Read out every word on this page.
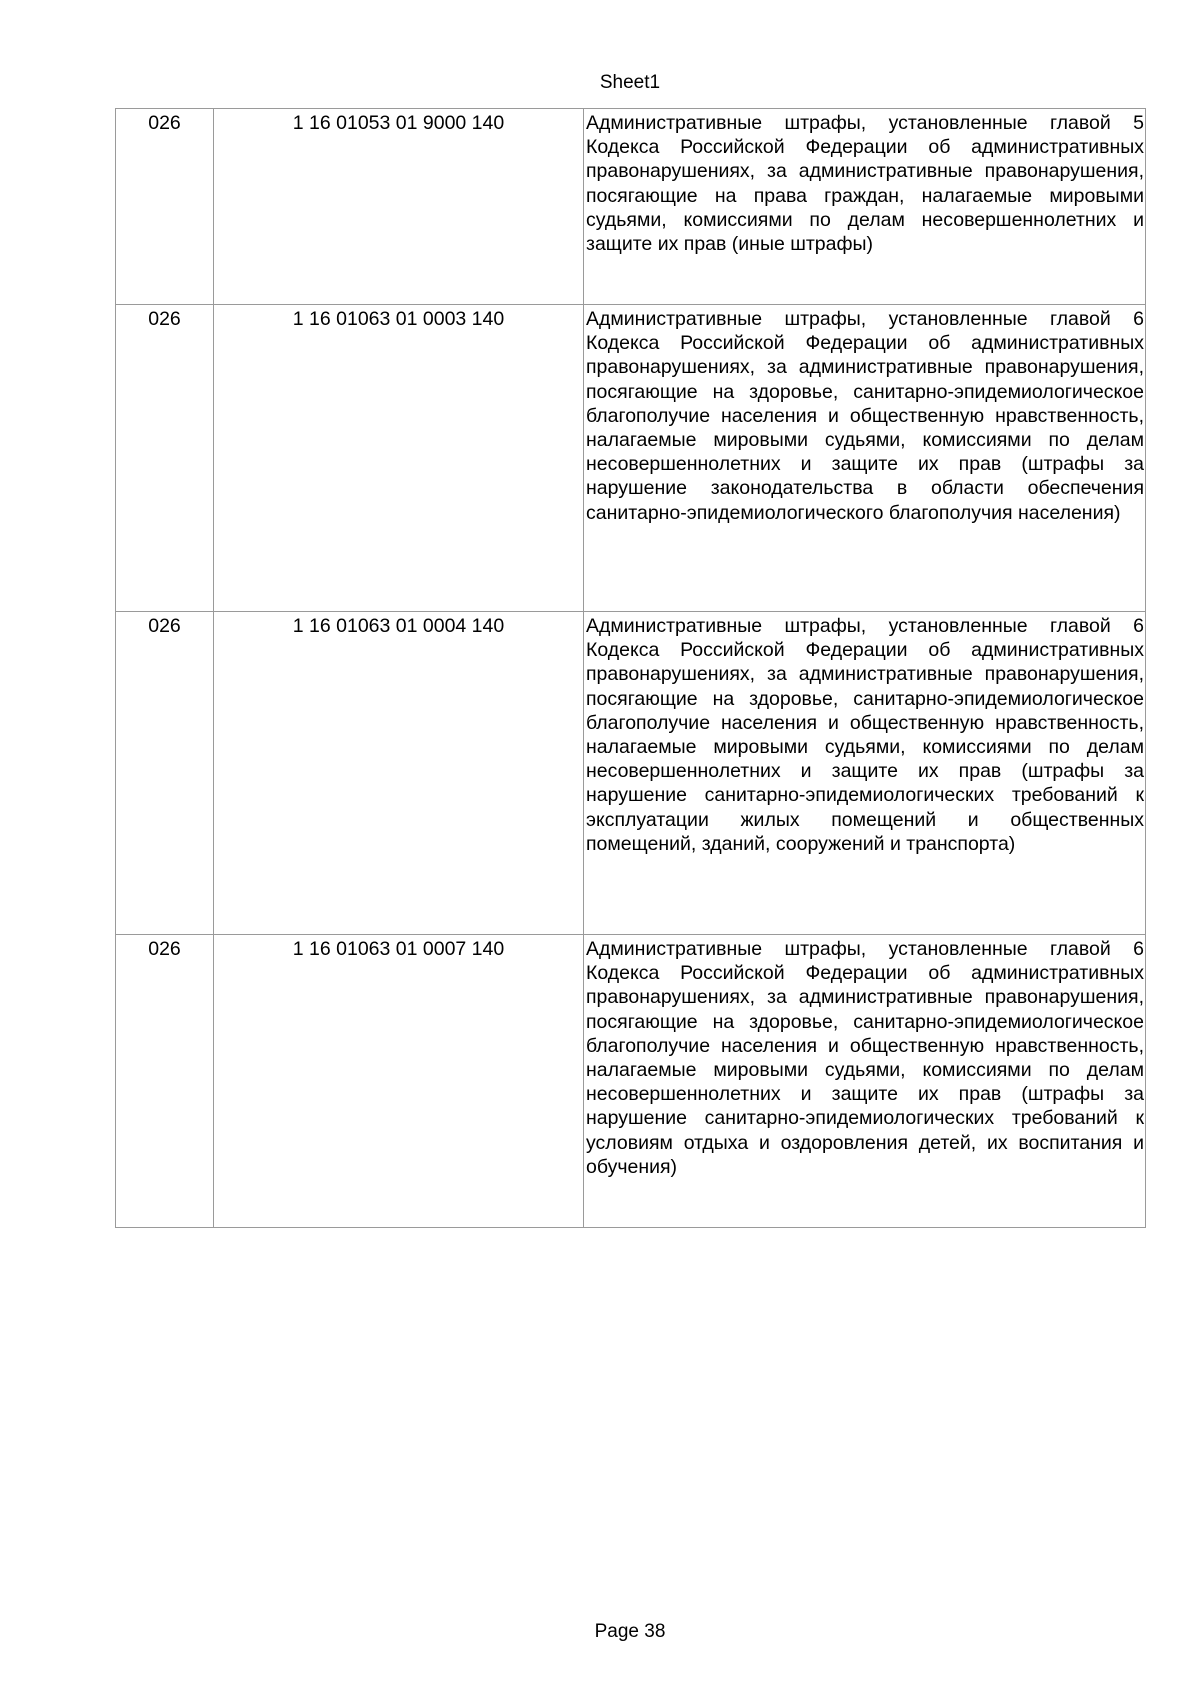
Sheet1
026	1 16 01053 01 9000 140	Административные штрафы, установленные главой 5 Кодекса Российской Федерации об административных правонарушениях, за административные правонарушения, посягающие на права граждан, налагаемые мировыми судьями, комиссиями по делам несовершеннолетних и защите их прав (иные штрафы)
026	1 16 01063 01 0003 140	Административные штрафы, установленные главой 6 Кодекса Российской Федерации об административных правонарушениях, за административные правонарушения, посягающие на здоровье, санитарно-эпидемиологическое благополучие населения и общественную нравственность, налагаемые мировыми судьями, комиссиями по делам несовершеннолетних и защите их прав (штрафы за нарушение законодательства в области обеспечения санитарно-эпидемиологического благополучия населения)
026	1 16 01063 01 0004 140	Административные штрафы, установленные главой 6 Кодекса Российской Федерации об административных правонарушениях, за административные правонарушения, посягающие на здоровье, санитарно-эпидемиологическое благополучие населения и общественную нравственность, налагаемые мировыми судьями, комиссиями по делам несовершеннолетних и защите их прав (штрафы за нарушение санитарно-эпидемиологических требований к эксплуатации жилых помещений и общественных помещений, зданий, сооружений и транспорта)
026	1 16 01063 01 0007 140	Административные штрафы, установленные главой 6 Кодекса Российской Федерации об административных правонарушениях, за административные правонарушения, посягающие на здоровье, санитарно-эпидемиологическое благополучие населения и общественную нравственность, налагаемые мировыми судьями, комиссиями по делам несовершеннолетних и защите их прав (штрафы за нарушение санитарно-эпидемиологических требований к условиям отдыха и оздоровления детей, их воспитания и обучения)
Page 38
